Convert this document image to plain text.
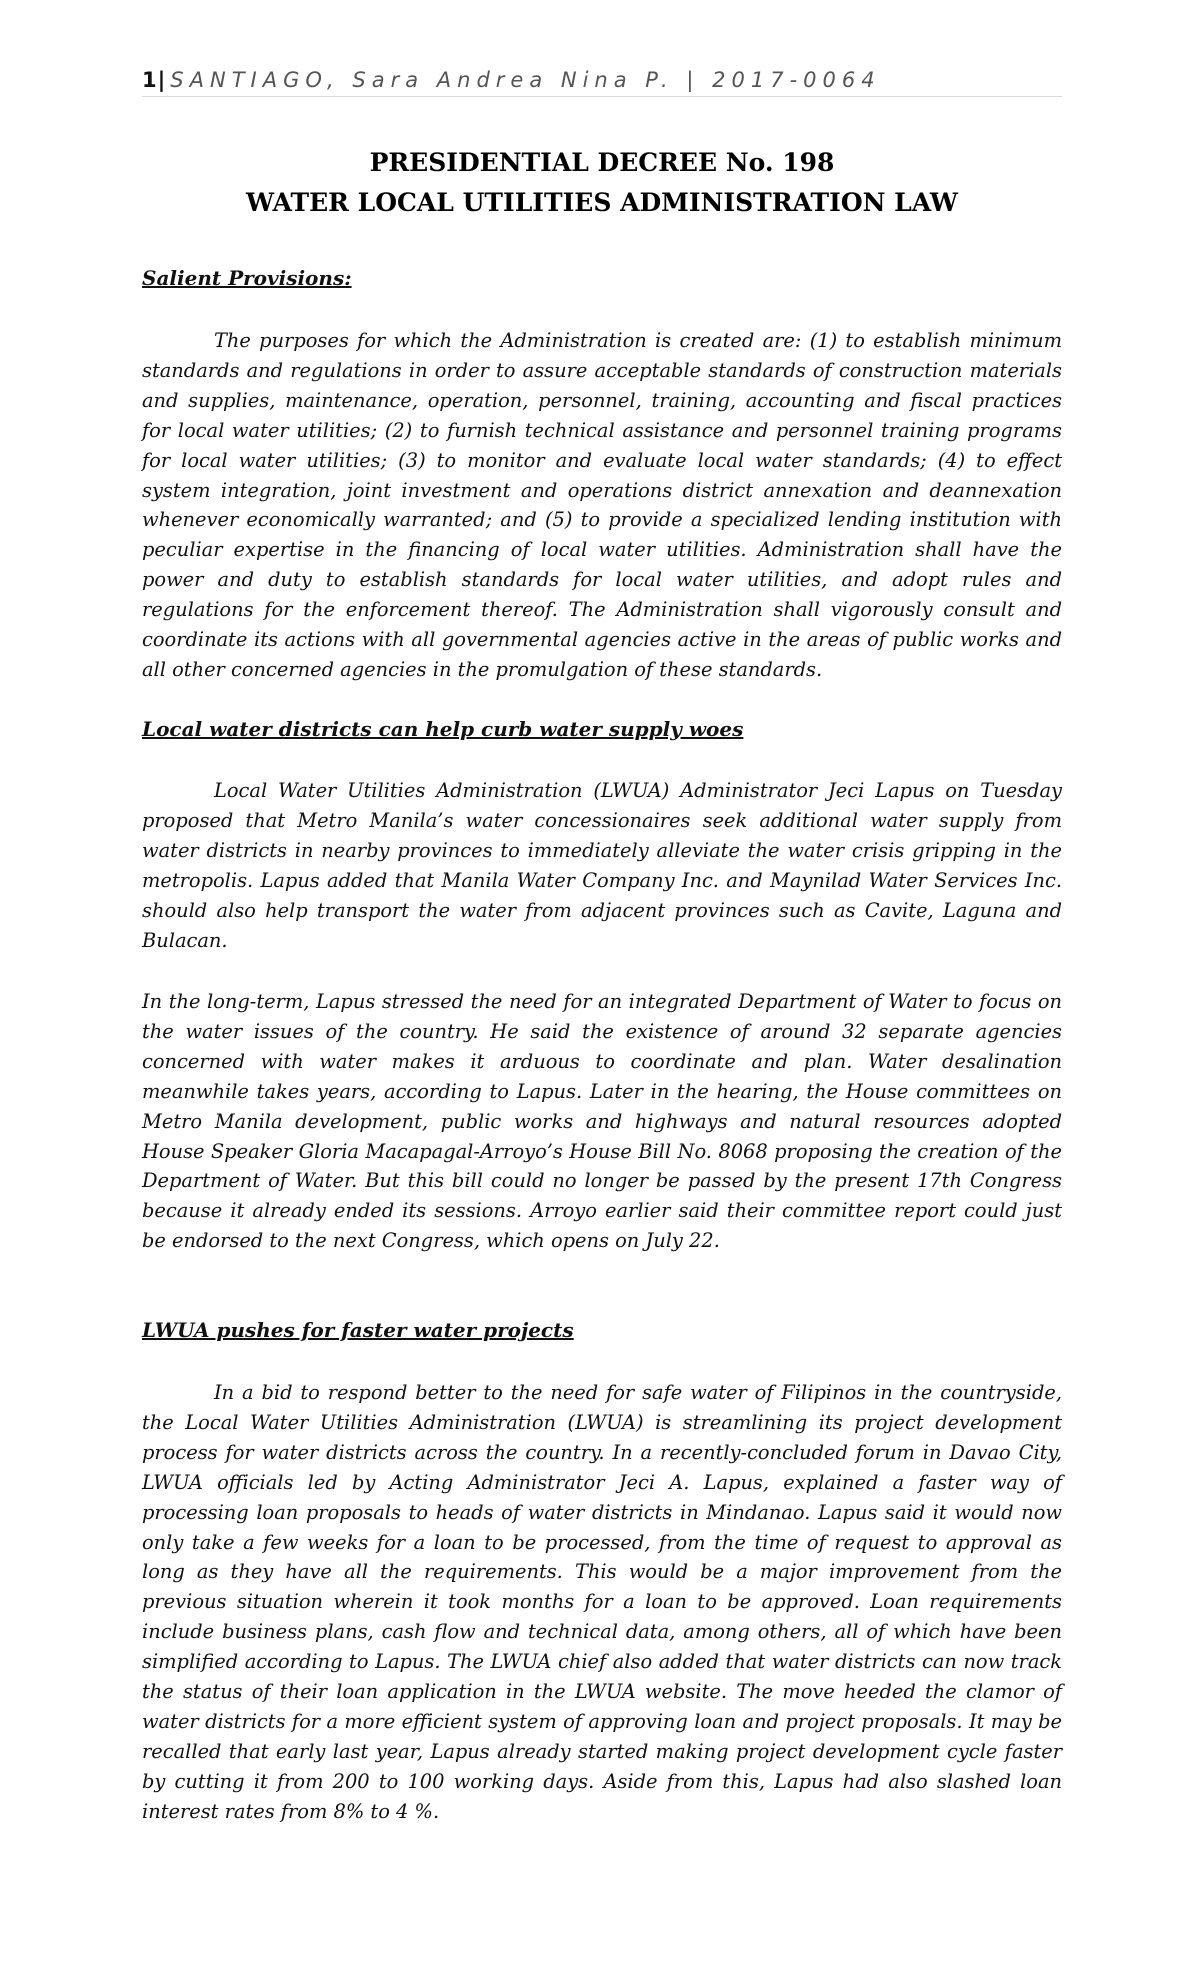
1| SANTIAGO, Sara Andrea Nina P. | 2017-0064
PRESIDENTIAL DECREE No. 198
WATER LOCAL UTILITIES ADMINISTRATION LAW
Salient Provisions:

The purposes for which the Administration is created are: (1) to establish minimum standards and regulations in order to assure acceptable standards of construction materials and supplies, maintenance, operation, personnel, training, accounting and fiscal practices for local water utilities; (2) to furnish technical assistance and personnel training programs for local water utilities; (3) to monitor and evaluate local water standards; (4) to effect system integration, joint investment and operations district annexation and deannexation whenever economically warranted; and (5) to provide a specialized lending institution with peculiar expertise in the financing of local water utilities. Administration shall have the power and duty to establish standards for local water utilities, and adopt rules and regulations for the enforcement thereof. The Administration shall vigorously consult and coordinate its actions with all governmental agencies active in the areas of public works and all other concerned agencies in the promulgation of these standards.

Local water districts can help curb water supply woes

Local Water Utilities Administration (LWUA) Administrator Jeci Lapus on Tuesday proposed that Metro Manila’s water concessionaires seek additional water supply from water districts in nearby provinces to immediately alleviate the water crisis gripping in the metropolis. Lapus added that Manila Water Company Inc. and Maynilad Water Services Inc. should also help transport the water from adjacent provinces such as Cavite, Laguna and Bulacan.

In the long-term, Lapus stressed the need for an integrated Department of Water to focus on the water issues of the country. He said the existence of around 32 separate agencies concerned with water makes it arduous to coordinate and plan. Water desalination meanwhile takes years, according to Lapus. Later in the hearing, the House committees on Metro Manila development, public works and highways and natural resources adopted House Speaker Gloria Macapagal-Arroyo’s House Bill No. 8068 proposing the creation of the Department of Water. But this bill could no longer be passed by the present 17th Congress because it already ended its sessions. Arroyo earlier said their committee report could just be endorsed to the next Congress, which opens on July 22.

LWUA pushes for faster water projects

In a bid to respond better to the need for safe water of Filipinos in the countryside, the Local Water Utilities Administration (LWUA) is streamlining its project development process for water districts across the country. In a recently-concluded forum in Davao City, LWUA officials led by Acting Administrator Jeci A. Lapus, explained a faster way of processing loan proposals to heads of water districts in Mindanao. Lapus said it would now only take a few weeks for a loan to be processed, from the time of request to approval as long as they have all the requirements. This would be a major improvement from the previous situation wherein it took months for a loan to be approved. Loan requirements include business plans, cash flow and technical data, among others, all of which have been simplified according to Lapus. The LWUA chief also added that water districts can now track the status of their loan application in the LWUA website. The move heeded the clamor of water districts for a more efficient system of approving loan and project proposals. It may be recalled that early last year, Lapus already started making project development cycle faster by cutting it from 200 to 100 working days. Aside from this, Lapus had also slashed loan interest rates from 8% to 4 %.
